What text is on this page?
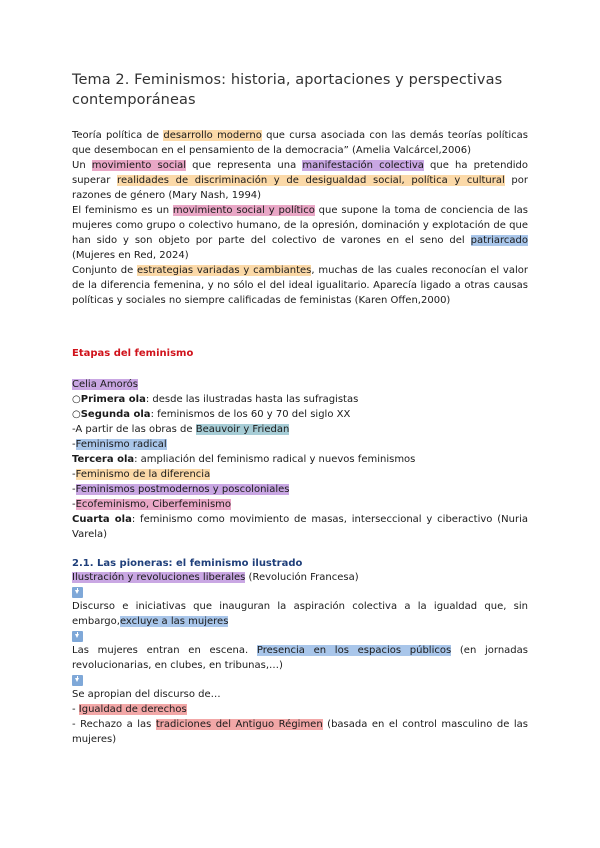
Tema 2. Feminismos: historia, aportaciones y perspectivas contemporáneas

Teoría política de desarrollo moderno que cursa asociada con las demás teorías políticas que desembocan en el pensamiento de la democracia” (Amelia Valcárcel,2006)

Un movimiento social que representa una manifestación colectiva que ha pretendido superar realidades de discriminación y de desigualdad social, política y cultural por razones de género (Mary Nash, 1994)

El feminismo es un movimiento social y político que supone la toma de conciencia de las mujeres como grupo o colectivo humano, de la opresión, dominación y explotación de que han sido y son objeto por parte del colectivo de varones en el seno del patriarcado (Mujeres en Red, 2024)

Conjunto de estrategias variadas y cambiantes, muchas de las cuales reconocían el valor de la diferencia femenina, y no sólo el del ideal igualitario. Aparecía ligado a otras causas políticas y sociales no siempre calificadas de feministas (Karen Offen,2000)

Etapas del feminismo

Celia Amorós

○Primera ola: desde las ilustradas hasta las sufragistas

○Segunda ola: feminismos de los 60 y 70 del siglo XX

-A partir de las obras de Beauvoir y Friedan

-Feminismo radical

Tercera ola: ampliación del feminismo radical y nuevos feminismos

-Feminismo de la diferencia

-Feminismos postmodernos y poscoloniales

-Ecofeminismo, Ciberfeminismo

Cuarta ola: feminismo como movimiento de masas, interseccional y ciberactivo (Nuria Varela)

2.1. Las pioneras: el feminismo ilustrado

Ilustración y revoluciones liberales (Revolución Francesa)

Discurso e iniciativas que inauguran la aspiración colectiva a la igualdad que, sin embargo,excluye a las mujeres

Las mujeres entran en escena. Presencia en los espacios públicos (en jornadas revolucionarias, en clubes, en tribunas,…)

Se apropian del discurso de…

- Igualdad de derechos

- Rechazo a las tradiciones del Antiguo Régimen (basada en el control masculino de las mujeres)
